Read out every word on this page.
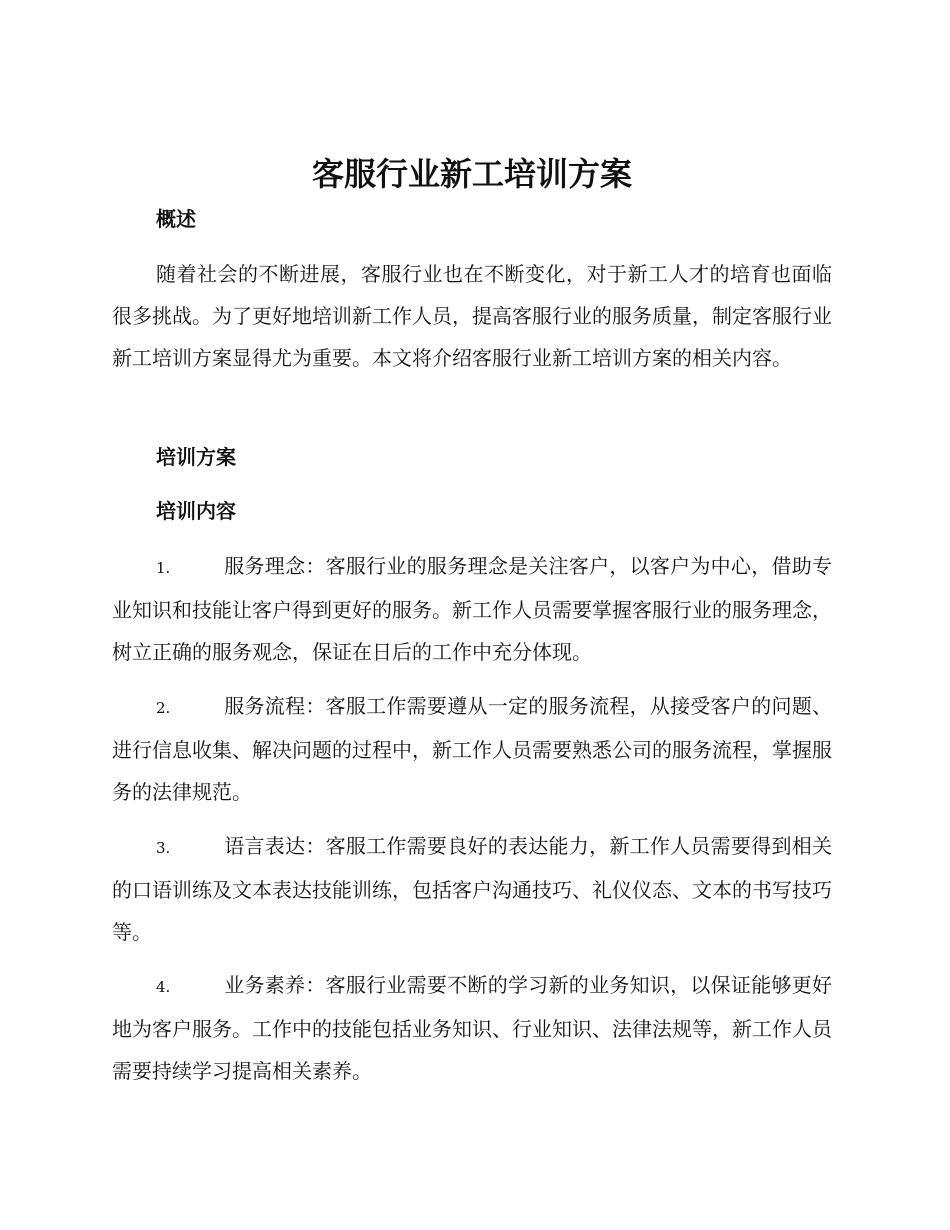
客服行业新工培训方案
概述

随着社会的不断进展，客服行业也在不断变化，对于新工人才的培育也面临很多挑战。为了更好地培训新工作人员，提高客服行业的服务质量，制定客服行业新工培训方案显得尤为重要。本文将介绍客服行业新工培训方案的相关内容。

培训方案
培训内容

1.	服务理念：客服行业的服务理念是关注客户，以客户为中心，借助专业知识和技能让客户得到更好的服务。新工作人员需要掌握客服行业的服务理念，树立正确的服务观念，保证在日后的工作中充分体现。

2.	服务流程：客服工作需要遵从一定的服务流程，从接受客户的问题、进行信息收集、解决问题的过程中，新工作人员需要熟悉公司的服务流程，掌握服务的法律规范。

3.	语言表达：客服工作需要良好的表达能力，新工作人员需要得到相关的口语训练及文本表达技能训练，包括客户沟通技巧、礼仪仪态、文本的书写技巧等。

4.	业务素养：客服行业需要不断的学习新的业务知识，以保证能够更好地为客户服务。工作中的技能包括业务知识、行业知识、法律法规等，新工作人员需要持续学习提高相关素养。
